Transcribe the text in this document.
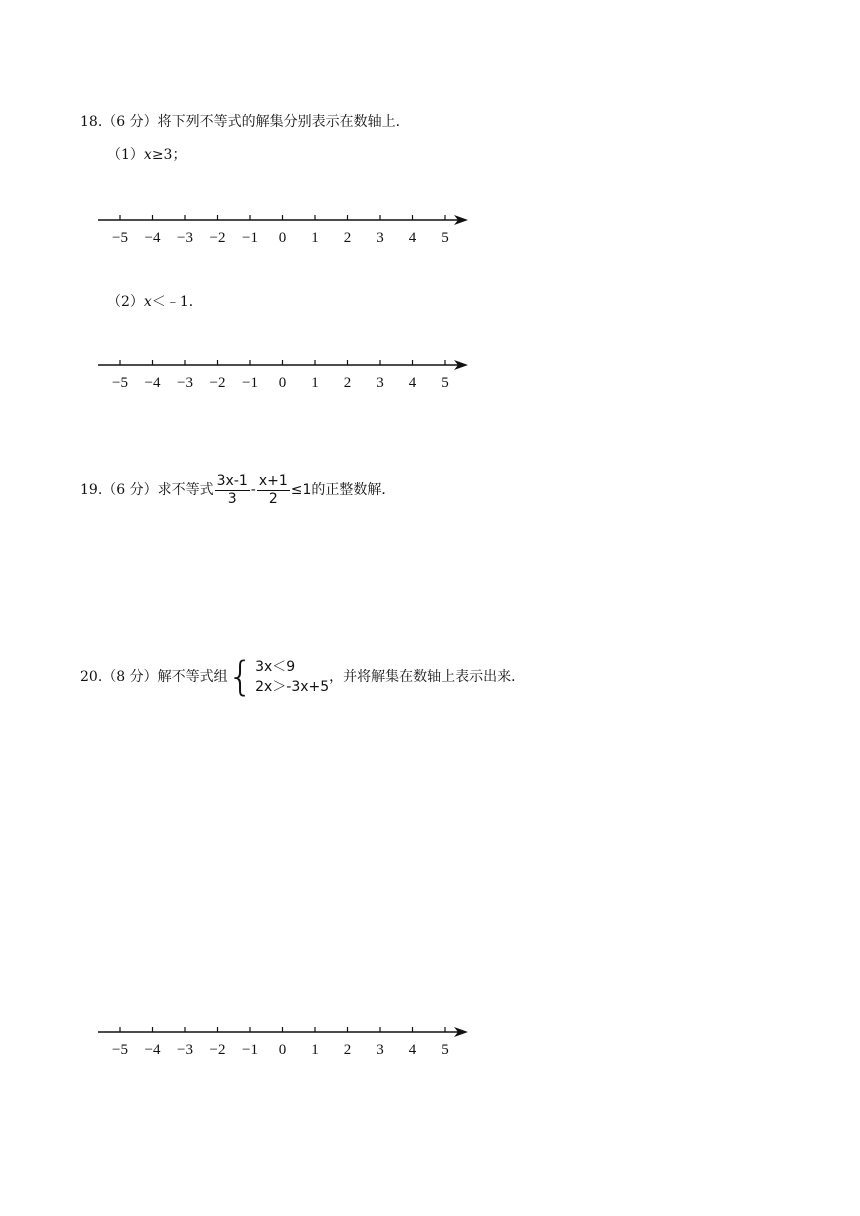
18.（6 分）将下列不等式的解集分别表示在数轴上．
（1）x≥3；
−5 −4 −3 −2 −1 0 1 2 3 4 5
（2）x＜﹣1．
−5 −4 −3 −2 −1 0 1 2 3 4 5
19. （6 分） 求不等式 $\frac{3x-1}{3} - \frac{x+1}{2} \le 1$ 的正整数解．
20. （8 分） 解不等式组 { 3x＜9
2x＞-3x+5
，并将解集在数轴上表示出来．
−5 −4 −3 −2 −1 0 1 2 3 4 5
